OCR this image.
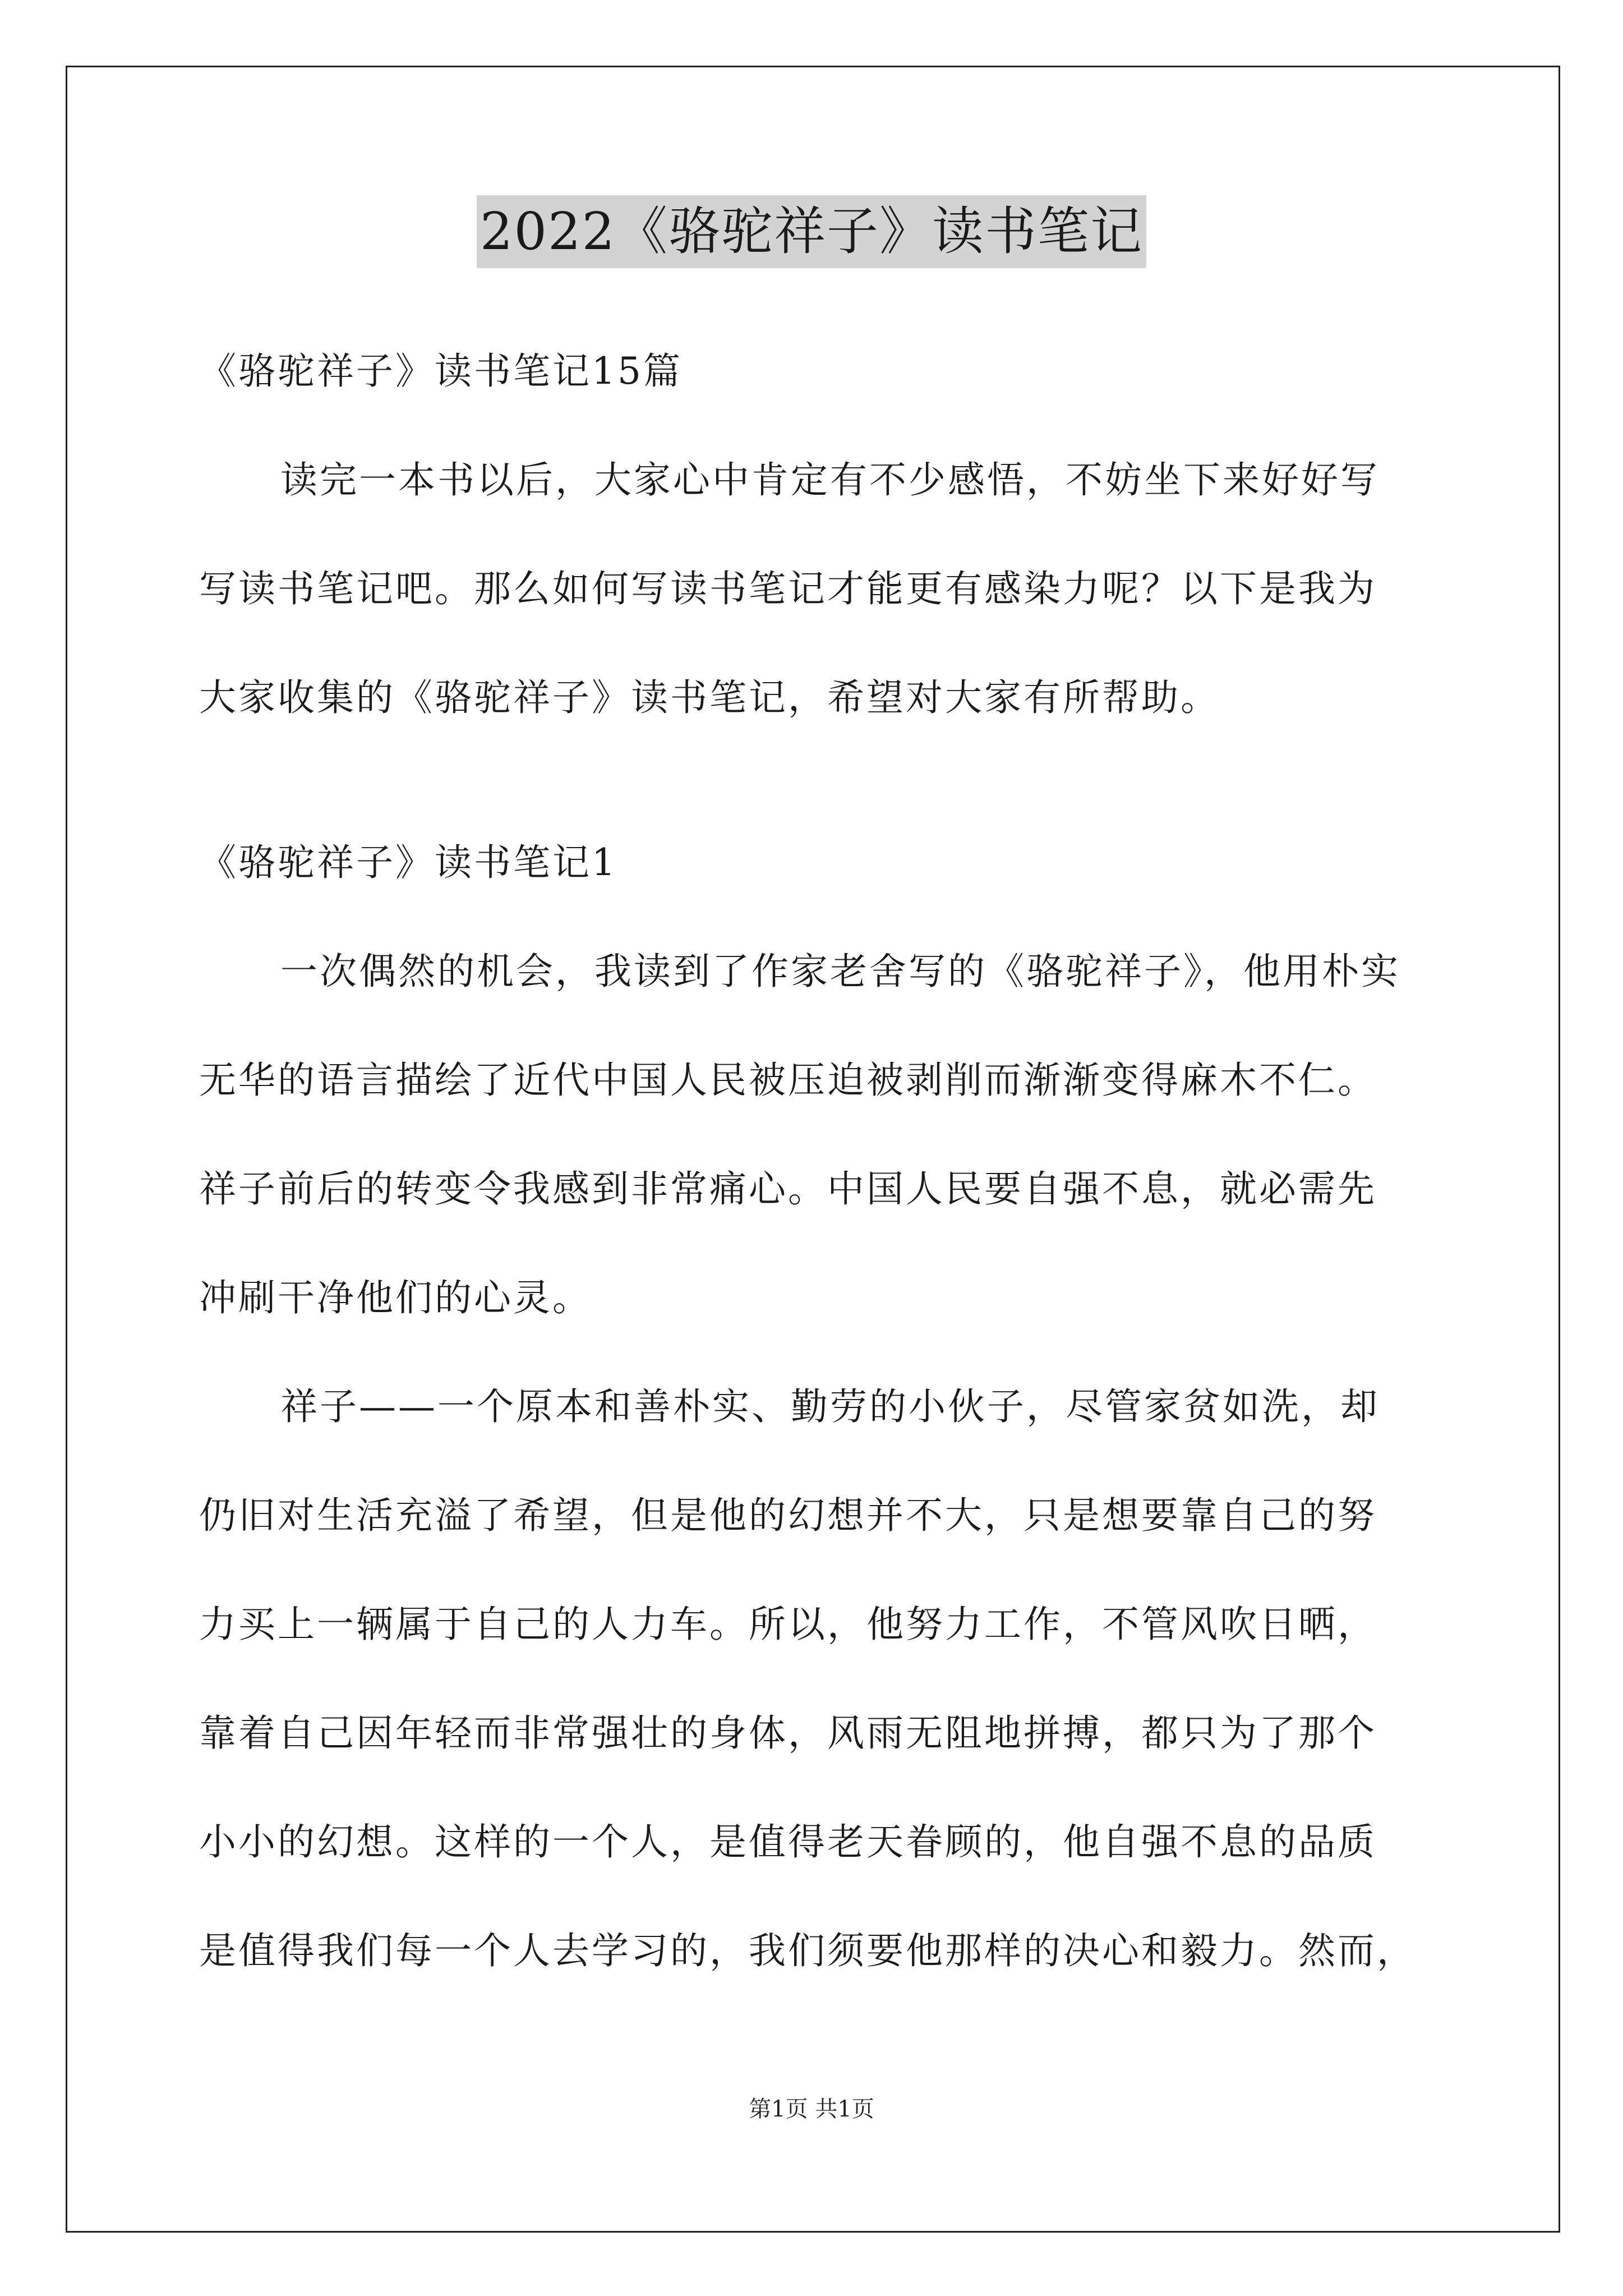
2022《骆驼祥子》读书笔记
《骆驼祥子》读书笔记15篇
读完一本书以后，大家心中肯定有不少感悟，不妨坐下来好好写
写读书笔记吧。那么如何写读书笔记才能更有感染力呢？以下是我为
大家收集的《骆驼祥子》读书笔记，希望对大家有所帮助。
《骆驼祥子》读书笔记1
一次偶然的机会，我读到了作家老舍写的《骆驼祥子》，他用朴实
无华的语言描绘了近代中国人民被压迫被剥削而渐渐变得麻木不仁。
祥子前后的转变令我感到非常痛心。中国人民要自强不息，就必需先
冲刷干净他们的心灵。
祥子——一个原本和善朴实、勤劳的小伙子，尽管家贫如洗，却
仍旧对生活充溢了希望，但是他的幻想并不大，只是想要靠自己的努
力买上一辆属于自己的人力车。所以，他努力工作，不管风吹日晒，
靠着自己因年轻而非常强壮的身体，风雨无阻地拼搏，都只为了那个
小小的幻想。这样的一个人，是值得老天眷顾的，他自强不息的品质
是值得我们每一个人去学习的，我们须要他那样的决心和毅力。然而，
第1页 共1页
